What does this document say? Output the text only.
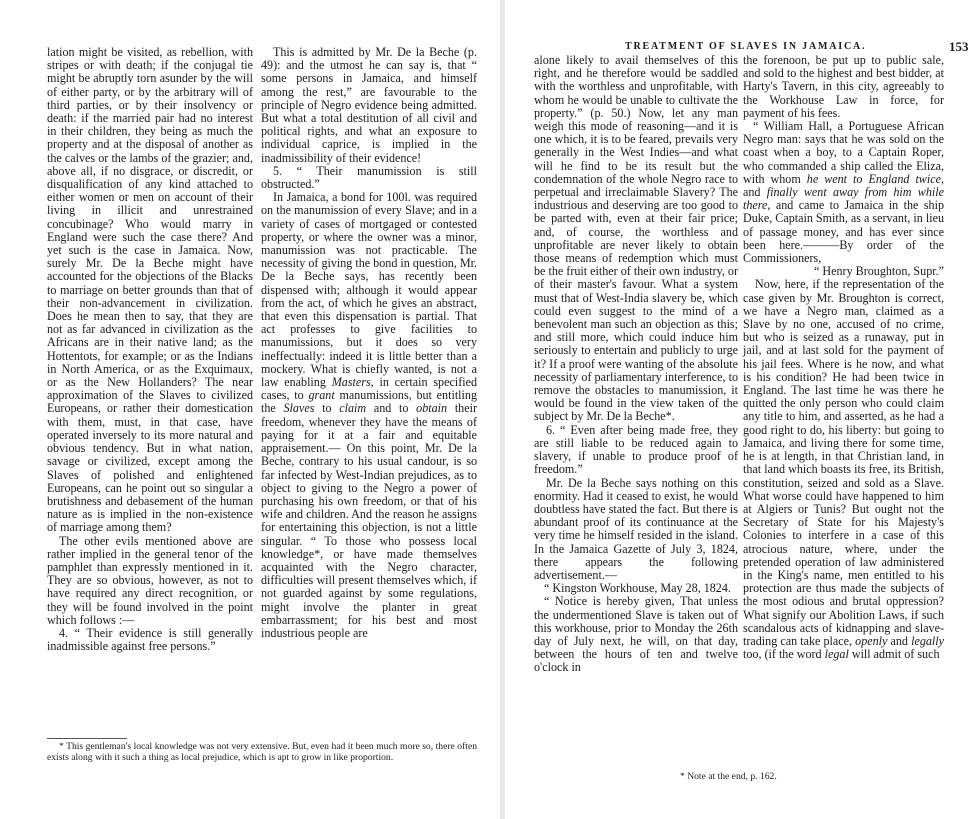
lation might be visited, as rebellion, with stripes or with death; if the conjugal tie might be abruptly torn asunder by the will of either party, or by the arbitrary will of third parties, or by their insolvency or death: if the married pair had no interest in their children, they being as much the property and at the disposal of another as the calves or the lambs of the grazier; and, above all, if no disgrace, or discredit, or disqualification of any kind attached to either women or men on account of their living in illicit and unrestrained concubinage? Who would marry in England were such the case there? And yet such is the case in Jamaica. Now, surely Mr. De la Beche might have accounted for the objections of the Blacks to marriage on better grounds than that of their non-advancement in civilization. Does he mean then to say, that they are not as far advanced in civilization as the Africans are in their native land; as the Hottentots, for example; or as the Indians in North America, or as the Exquimaux, or as the New Hollanders? The near approximation of the Slaves to civilized Europeans, or rather their domestication with them, must, in that case, have operated inversely to its more natural and obvious tendency. But in what nation, savage or civilized, except among the Slaves of polished and enlightened Europeans, can he point out so singular a brutishness and debasement of the human nature as is implied in the non-existence of marriage among them?

The other evils mentioned above are rather implied in the general tenor of the pamphlet than expressly mentioned in it. They are so obvious, however, as not to have required any direct recognition, or they will be found involved in the point which follows :—

4. “ Their evidence is still generally inadmissible against free persons.”

This is admitted by Mr. De la Beche (p. 49): and the utmost he can say is, that “ some persons in Jamaica, and himself among the rest,” are favourable to the principle of Negro evidence being admitted. But what a total destitution of all civil and political rights, and what an exposure to individual caprice, is implied in the inadmissibility of their evidence!

5. “ Their manumission is still obstructed.”

In Jamaica, a bond for 100l. was required on the manumission of every Slave; and in a variety of cases of mortgaged or contested property, or where the owner was a minor, manumission was not practicable. The necessity of giving the bond in question, Mr. De la Beche says, has recently been dispensed with; although it would appear from the act, of which he gives an abstract, that even this dispensation is partial. That act professes to give facilities to manumissions, but it does so very ineffectually: indeed it is little better than a mockery. What is chiefly wanted, is not a law enabling Masters, in certain specified cases, to grant manumissions, but entitling the Slaves to claim and to obtain their freedom, whenever they have the means of paying for it at a fair and equitable appraisement.— On this point, Mr. De la Beche, contrary to his usual candour, is so far infected by West-Indian prejudices, as to object to giving to the Negro a power of purchasing his own freedom, or that of his wife and children. And the reason he assigns for entertaining this objection, is not a little singular. “ To those who possess local knowledge*, or have made themselves acquainted with the Negro character, difficulties will present themselves which, if not guarded against by some regulations, might involve the planter in great embarrassment; for his best and most industrious people are

* This gentleman's local knowledge was not very extensive. But, even had it been much more so, there often exists along with it such a thing as local prejudice, which is apt to grow in like proportion.

TREATMENT OF SLAVES IN JAMAICA.	153

alone likely to avail themselves of this right, and he therefore would be saddled with the worthless and unprofitable, with whom he would be unable to cultivate the property.” (p. 50.) Now, let any man weigh this mode of reasoning—and it is one which, it is to be feared, prevails very generally in the West Indies—and what will he find to be its result but the condemnation of the whole Negro race to perpetual and irreclaimable Slavery? The industrious and deserving are too good to be parted with, even at their fair price; and, of course, the worthless and unprofitable are never likely to obtain those means of redemption which must be the fruit either of their own industry, or of their master's favour. What a system must that of West-India slavery be, which could even suggest to the mind of a benevolent man such an objection as this; and still more, which could induce him seriously to entertain and publicly to urge it? If a proof were wanting of the absolute necessity of parliamentary interference, to remove the obstacles to manumission, it would be found in the view taken of the subject by Mr. De la Beche*.

6. “ Even after being made free, they are still liable to be reduced again to slavery, if unable to produce proof of freedom.”

Mr. De la Beche says nothing on this enormity. Had it ceased to exist, he would doubtless have stated the fact. But there is abundant proof of its continuance at the very time he himself resided in the island. In the Jamaica Gazette of July 3, 1824, there appears the following advertisement.—

“ Kingston Workhouse, May 28, 1824.

“ Notice is hereby given, That unless the undermentioned Slave is taken out of this workhouse, prior to Monday the 26th day of July next, he will, on that day, between the hours of ten and twelve o'clock in

the forenoon, be put up to public sale, and sold to the highest and best bidder, at Harty's Tavern, in this city, agreeably to the Workhouse Law in force, for payment of his fees.

“ William Hall, a Portuguese African Negro man: says that he was sold on the coast when a boy, to a Captain Roper, who commanded a ship called the Eliza, with whom he went to England twice, and finally went away from him while there, and came to Jamaica in the ship Duke, Captain Smith, as a servant, in lieu of passage money, and has ever since been here.———By order of the Commissioners,

“ Henry Broughton, Supr.”

Now, here, if the representation of the case given by Mr. Broughton is correct, we have a Negro man, claimed as a Slave by no one, accused of no crime, but who is seized as a runaway, put in jail, and at last sold for the payment of his jail fees. Where is he now, and what is his condition? He had been twice in England. The last time he was there he quitted the only person who could claim any title to him, and asserted, as he had a good right to do, his liberty: but going to Jamaica, and living there for some time, he is at length, in that Christian land, in that land which boasts its free, its British, constitution, seized and sold as a Slave. What worse could have happened to him at Algiers or Tunis? But ought not the Secretary of State for his Majesty's Colonies to interfere in a case of this atrocious nature, where, under the pretended operation of law administered in the King's name, men entitled to his protection are thus made the subjects of the most odious and brutal oppression? What signify our Abolition Laws, if such scandalous acts of kidnapping and slave-trading can take place, openly and legally too, (if the word legal will admit of such

* Note at the end, p. 162.
